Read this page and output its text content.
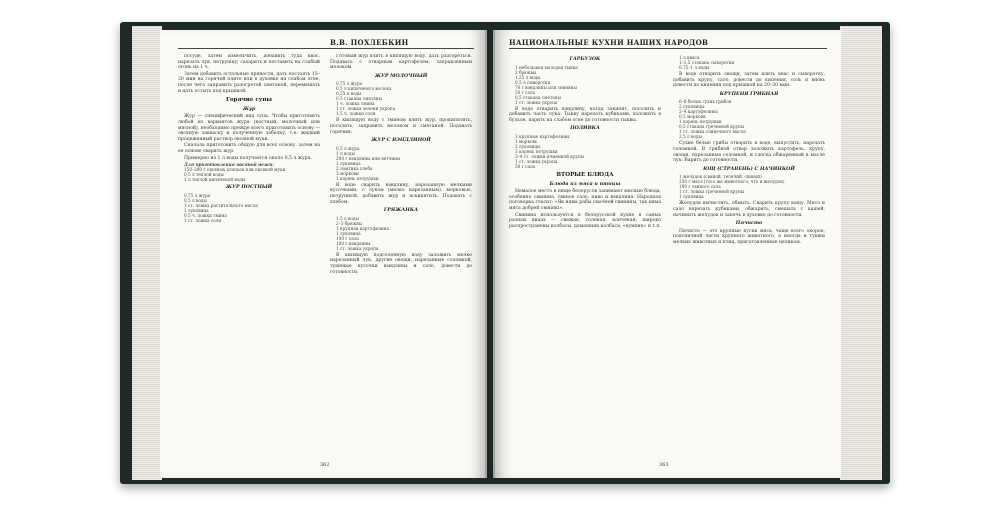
В.В. ПОХЛЕБКИН

посуде, затем измельчить, добавить туда квас, нарезать лук, петрушку; сахарить и поставить на слабый огонь на 1 ч.

Затем добавить остальные пряности, дать постоять 15–20 мин на горячей плите или в духовке на слабом огне, после чего заправить разогретой сметаной, перемешать и дать остыть под крышкой.

Горячие супы
Жур

Жур — специфический вид супа. Чтобы приготовить любой из вариантов жура (постный, молочный или мясной), необходимо прежде всего приготовить основу — овсяную закваску и полученную забелку, т.е. жидкий процеженный раствор овсяной муки.

Сначала приготовить общую для всех основу, затем на ее основе сварить жур.

Примерно из 1 л воды получается около 0,5 л жура.

Для приготовления овсяной нежи:
150–200 г овсяных хлопьев или овсяной муки
0,5 л теплой воды
1 л теплой кипяченой воды
ЖУР ПОСТНЫЙ
0,75 л жура
0,5 л воды
1 ст. ложка растительного масла
1 луковица
0,5 ч. ложки тмина
1 ст. ложка соли

Готовый жур влить в кипящую воду, дать разгореться. Подавать с отварным картофелем, заправленным молоком.

ЖУР МОЛОЧНЫЙ
0,75 л жура
0,5 л кипяченого молока
0,25 л воды
0,5 стакана сметаны
1 ч. ложка тмина
1 ст. ложка зелени укропа
1,5 ч. ложки соли

В кипящую воду с тмином влить жур, прокипятить, посолить, заправить молоком и сметаной. Подавать горячим.

ЖУР С ВЭНДЛИНОЙ
0,5 л жура
1 л воды
200 г вэндлины или ветчины
1 луковица
2 ломтика хлеба
3 моркови
1 корень петрушки

В воде сварить вэндлину, нарезанную мелкими кусочками, с луком (мелко нарезанным), морковью, петрушкой, добавить жур и вскипятить. Подавать с хлебом.

ГРЯЖАНКА
1,5 л воды
2–3 брюквы
1 крупная картофелина
1 луковица
100 г сала
100 г вэндлины
1 ст. ложка укропа

В кипящую подсоленную воду заложить мелко нарезанный лук, другие овощи, нарезанные соломкой, тушеные кусочки вэндлины и сало, довести до готовности.

362
НАЦИОНАЛЬНЫЕ КУХНИ НАШИХ НАРОДОВ
ГАРБУЗОК
1 небольшая молодая тыква
2 брюквы
1,25 л воды
0,5 л сыворотки
70 г вэндлины или свинины
50 г сала
0,5 стакана сметаны
1 ст. ложка укропа

В воде отварить вэндлину, когда закипит, посолить и добавить часть лука. Тыкву нарезать кубиками, заложить в бульон, варить на слабом огне до готовности тыквы.

ПОЛИВКА
3 крупные картофелины
1 морковь
2 луковицы
1 корень петрушки
3–4 ст. ложки ячменной крупы
1 ст. ложка укропа
50 г сала
ВТОРЫЕ БЛЮДА
Блюда из мяса и птицы

Немалое место в пище белорусов занимают мясные блюда, особенно свинина, свиное сало, пиво и вэндлина. Народная поговорка гласит: «Як няма рабы смачней свинины, так няма мяса добрей свінінкі».

Свинина используется в белорусской кухне в самых разных видах — свежая, соленая, копченая; широко распространены колбасы, домашняя колбаса, «кумпяк» и т.п.

1 л кваса
1–1,5 стакана сыворотки
0,75–1 л воды

В воде отварить овощи, затем влить квас и сыворотку, добавить крупу, сало, довести до кипения, соль и вновь довести до кипения под крышкой на 20–30 мин.

КРУПЕНЯ ГРИБНАЯ
6–8 белых сухих грибов
2 луковицы
2–4 картофелины
0,5 моркови
1 корень петрушки
0,5 стакана гречневой крупы
1 ст. ложка сливочного масла
2,5 л воды

Сухие белые грибы отварить в воде, выпустить, нарезать соломкой. В грибной отвар заложить картофель, крупу, овощи, нарезанные соломкой, и слегка обжаренный в масле лук. Варить до готовности.

ЮЩ (СТРАВЕНЬ) С НАЧИНКОЙ
1 желудок (свиной, телячий, свиной)
250 г мяса (того же животного, что и желудок)
100 г свиного сала
1 ст. ложка гречневой крупы
1 луковица

Желудок вычистить, обмыть. Сварить крупу кашу. Мясо и сало нарезать кубиками, обжарить, смешать с кашей, начинить желудок и запечь в духовке до готовности.

Пячисто

Пячисто — это крупные куски мяса, чаще всего окорок, поясничной части крупного животного, а иногда и тушки мелких животных и птиц, приготовленные целиком.

363
